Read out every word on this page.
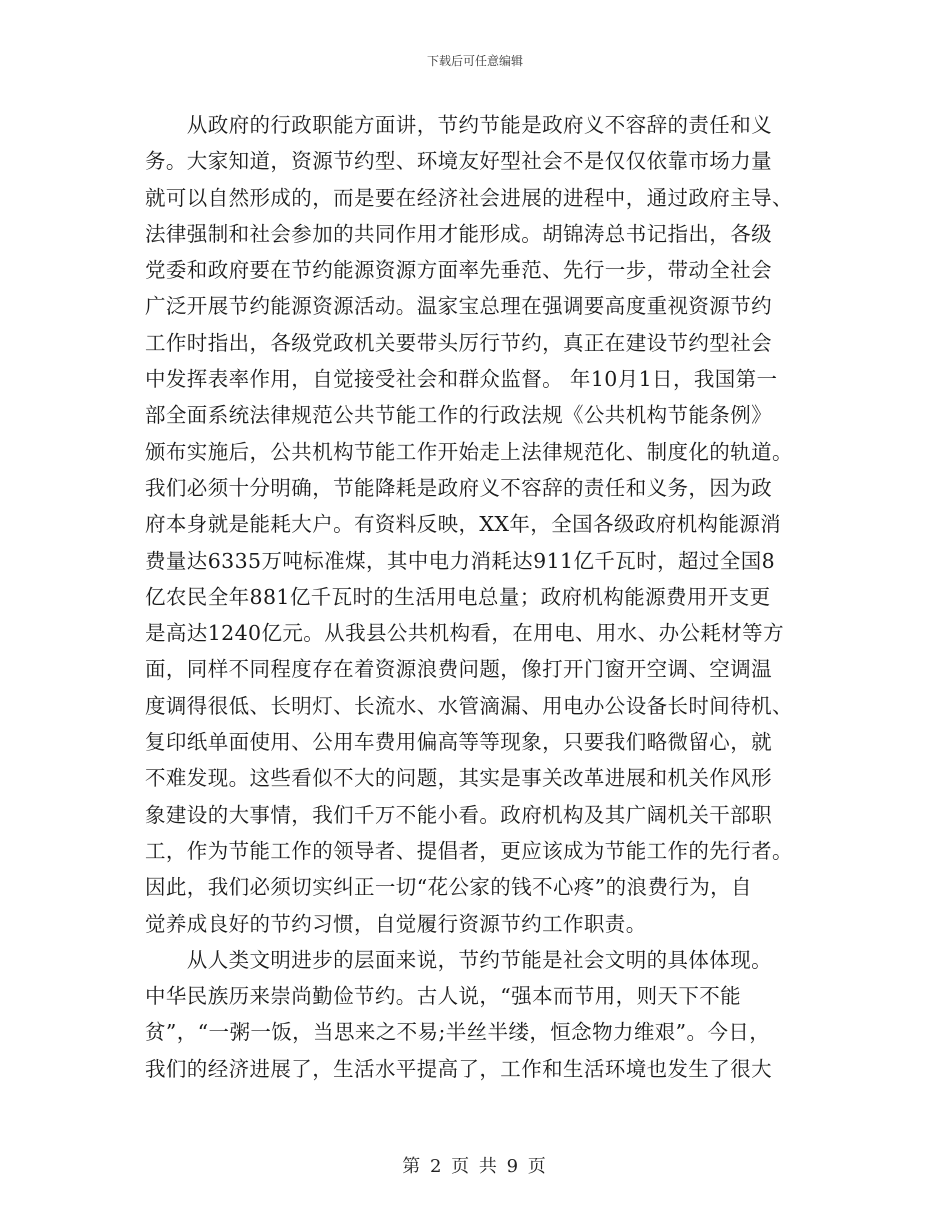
下载后可任意编辑
　　从政府的行政职能方面讲，节约节能是政府义不容辞的责任和义
务。大家知道，资源节约型、环境友好型社会不是仅仅依靠市场力量
就可以自然形成的，而是要在经济社会进展的进程中，通过政府主导、
法律强制和社会参加的共同作用才能形成。胡锦涛总书记指出，各级
党委和政府要在节约能源资源方面率先垂范、先行一步，带动全社会
广泛开展节约能源资源活动。温家宝总理在强调要高度重视资源节约
工作时指出，各级党政机关要带头厉行节约，真正在建设节约型社会
中发挥表率作用，自觉接受社会和群众监督。 年10月1日，我国第一
部全面系统法律规范公共节能工作的行政法规《公共机构节能条例》
颁布实施后，公共机构节能工作开始走上法律规范化、制度化的轨道。
我们必须十分明确，节能降耗是政府义不容辞的责任和义务，因为政
府本身就是能耗大户。有资料反映，XX年，全国各级政府机构能源消
费量达6335万吨标准煤，其中电力消耗达911亿千瓦时，超过全国8
亿农民全年881亿千瓦时的生活用电总量；政府机构能源费用开支更
是高达1240亿元。从我县公共机构看，在用电、用水、办公耗材等方
面，同样不同程度存在着资源浪费问题，像打开门窗开空调、空调温
度调得很低、长明灯、长流水、水管滴漏、用电办公设备长时间待机、
复印纸单面使用、公用车费用偏高等等现象，只要我们略微留心，就
不难发现。这些看似不大的问题，其实是事关改革进展和机关作风形
象建设的大事情，我们千万不能小看。政府机构及其广阔机关干部职
工，作为节能工作的领导者、提倡者，更应该成为节能工作的先行者。
因此，我们必须切实纠正一切“花公家的钱不心疼”的浪费行为，自
觉养成良好的节约习惯，自觉履行资源节约工作职责。
　　从人类文明进步的层面来说，节约节能是社会文明的具体体现。
中华民族历来崇尚勤俭节约。古人说，“强本而节用，则天下不能
贫”，“一粥一饭，当思来之不易;半丝半缕，恒念物力维艰”。今日，
我们的经济进展了，生活水平提高了，工作和生活环境也发生了很大
第 2 页 共 9 页
